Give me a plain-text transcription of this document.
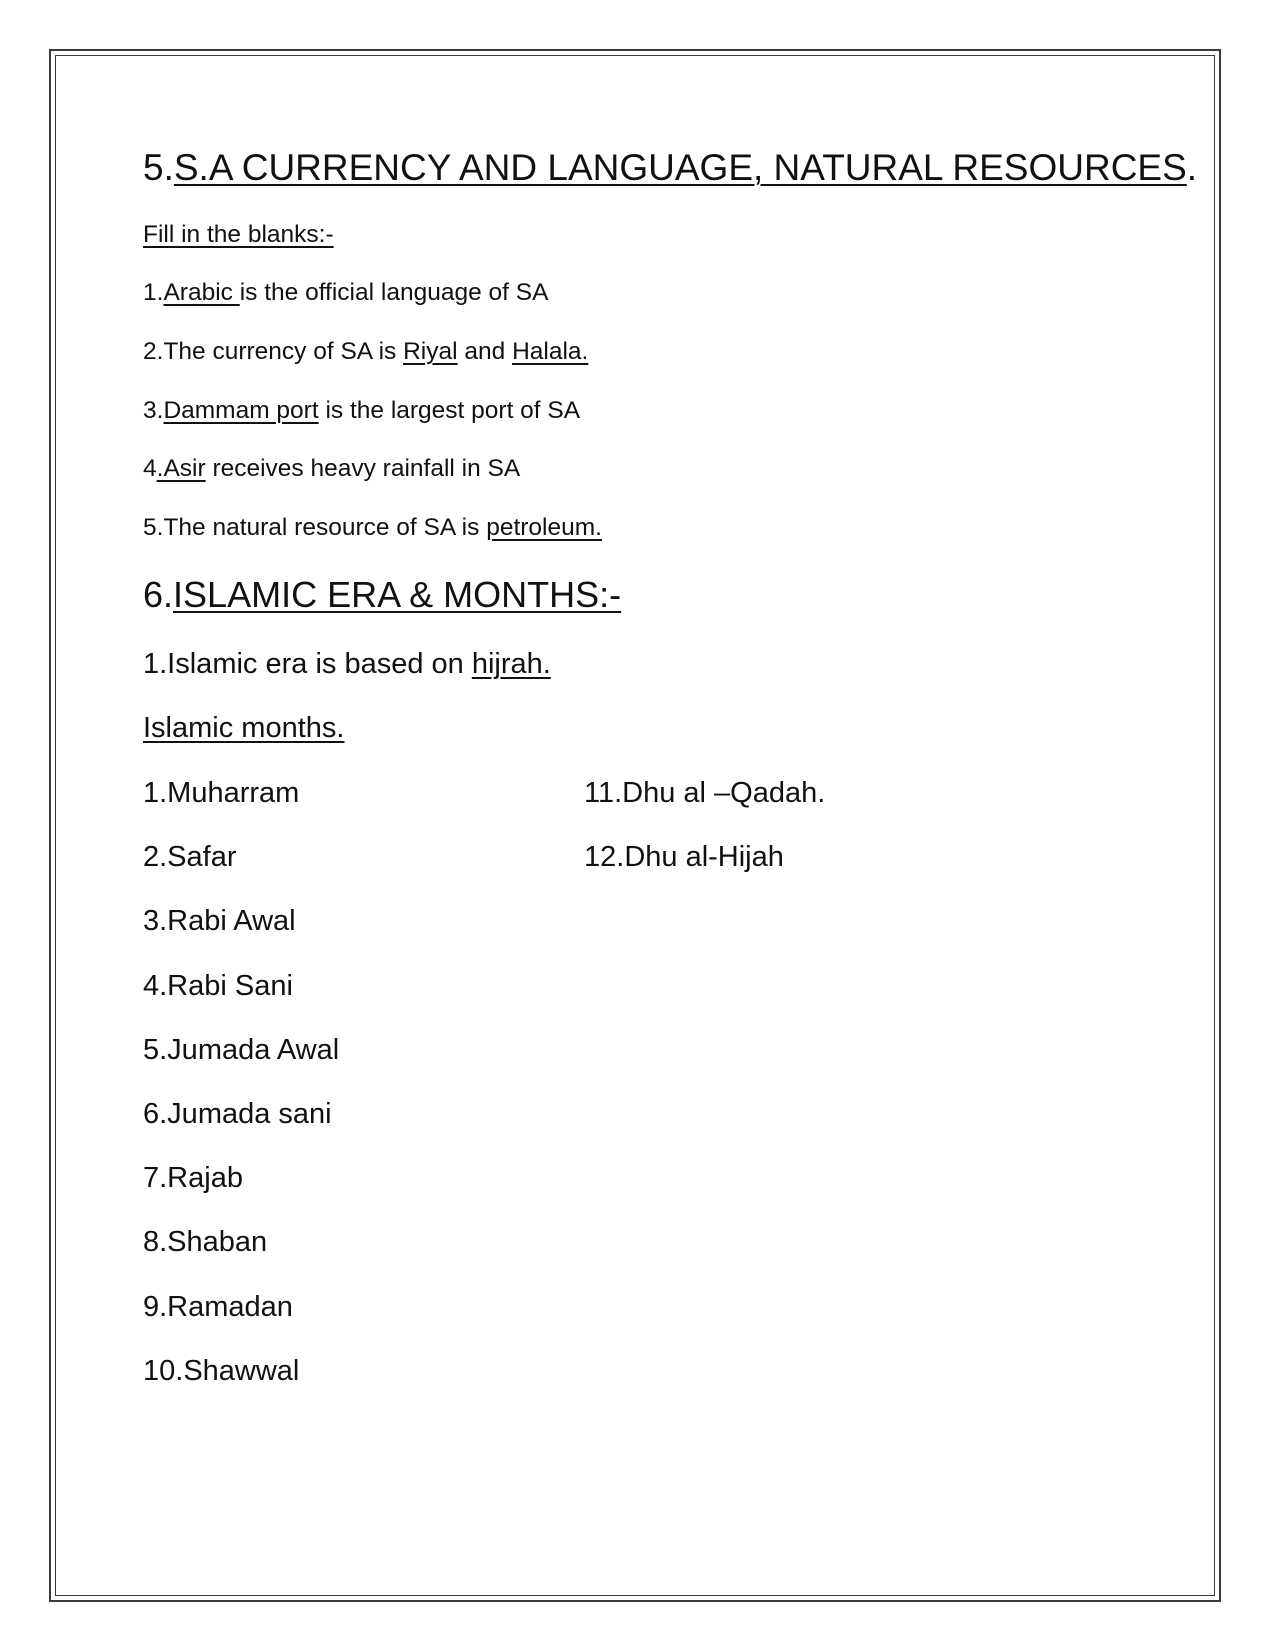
5.S.A CURRENCY AND LANGUAGE, NATURAL RESOURCES.
Fill in the blanks:-
1.Arabic is the official language of SA
2.The currency of SA is Riyal and Halala.
3.Dammam port is the largest port of SA
4.Asir receives heavy rainfall in SA
5.The natural resource of SA is petroleum.
6.ISLAMIC ERA & MONTHS:-
1.Islamic era is based on hijrah.
Islamic months.
1.Muharram
2.Safar
3.Rabi Awal
4.Rabi Sani
5.Jumada Awal
6.Jumada sani
7.Rajab
8.Shaban
9.Ramadan
10.Shawwal
11.Dhu al –Qadah.
12.Dhu al-Hijah
